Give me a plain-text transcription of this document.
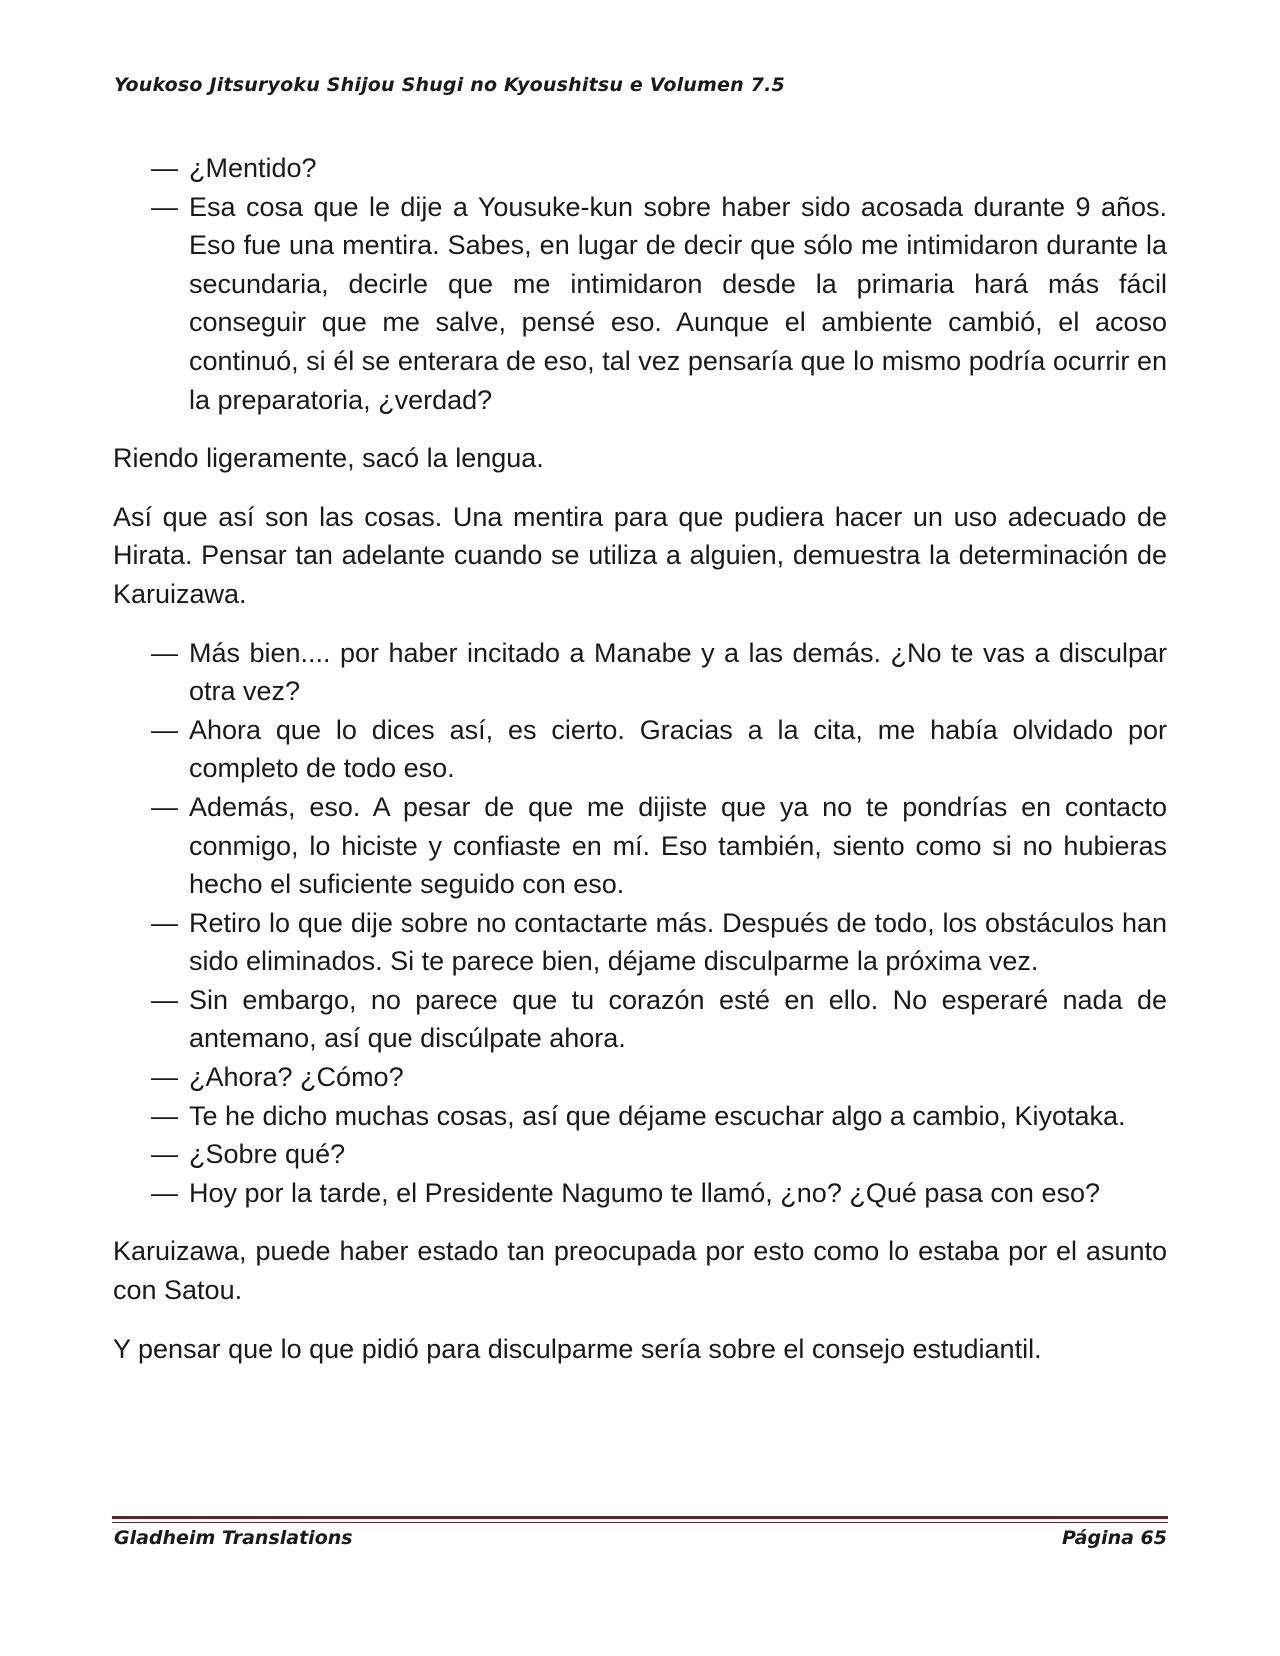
Youkoso Jitsuryoku Shijou Shugi no Kyoushitsu e Volumen 7.5
— ¿Mentido?
— Esa cosa que le dije a Yousuke-kun sobre haber sido acosada durante 9 años. Eso fue una mentira. Sabes, en lugar de decir que sólo me intimidaron durante la secundaria, decirle que me intimidaron desde la primaria hará más fácil conseguir que me salve, pensé eso. Aunque el ambiente cambió, el acoso continuó, si él se enterara de eso, tal vez pensaría que lo mismo podría ocurrir en la preparatoria, ¿verdad?

Riendo ligeramente, sacó la lengua.

Así que así son las cosas. Una mentira para que pudiera hacer un uso adecuado de Hirata. Pensar tan adelante cuando se utiliza a alguien, demuestra la determinación de Karuizawa.

— Más bien.... por haber incitado a Manabe y a las demás. ¿No te vas a disculpar otra vez?
— Ahora que lo dices así, es cierto. Gracias a la cita, me había olvidado por completo de todo eso.
— Además, eso. A pesar de que me dijiste que ya no te pondrías en contacto conmigo, lo hiciste y confiaste en mí. Eso también, siento como si no hubieras hecho el suficiente seguido con eso.
— Retiro lo que dije sobre no contactarte más. Después de todo, los obstáculos han sido eliminados. Si te parece bien, déjame disculparme la próxima vez.
— Sin embargo, no parece que tu corazón esté en ello. No esperaré nada de antemano, así que discúlpate ahora.
— ¿Ahora? ¿Cómo?
— Te he dicho muchas cosas, así que déjame escuchar algo a cambio, Kiyotaka.
— ¿Sobre qué?
— Hoy por la tarde, el Presidente Nagumo te llamó, ¿no? ¿Qué pasa con eso?

Karuizawa, puede haber estado tan preocupada por esto como lo estaba por el asunto con Satou.

Y pensar que lo que pidió para disculparme sería sobre el consejo estudiantil.

Gladheim Translations	Página 65
